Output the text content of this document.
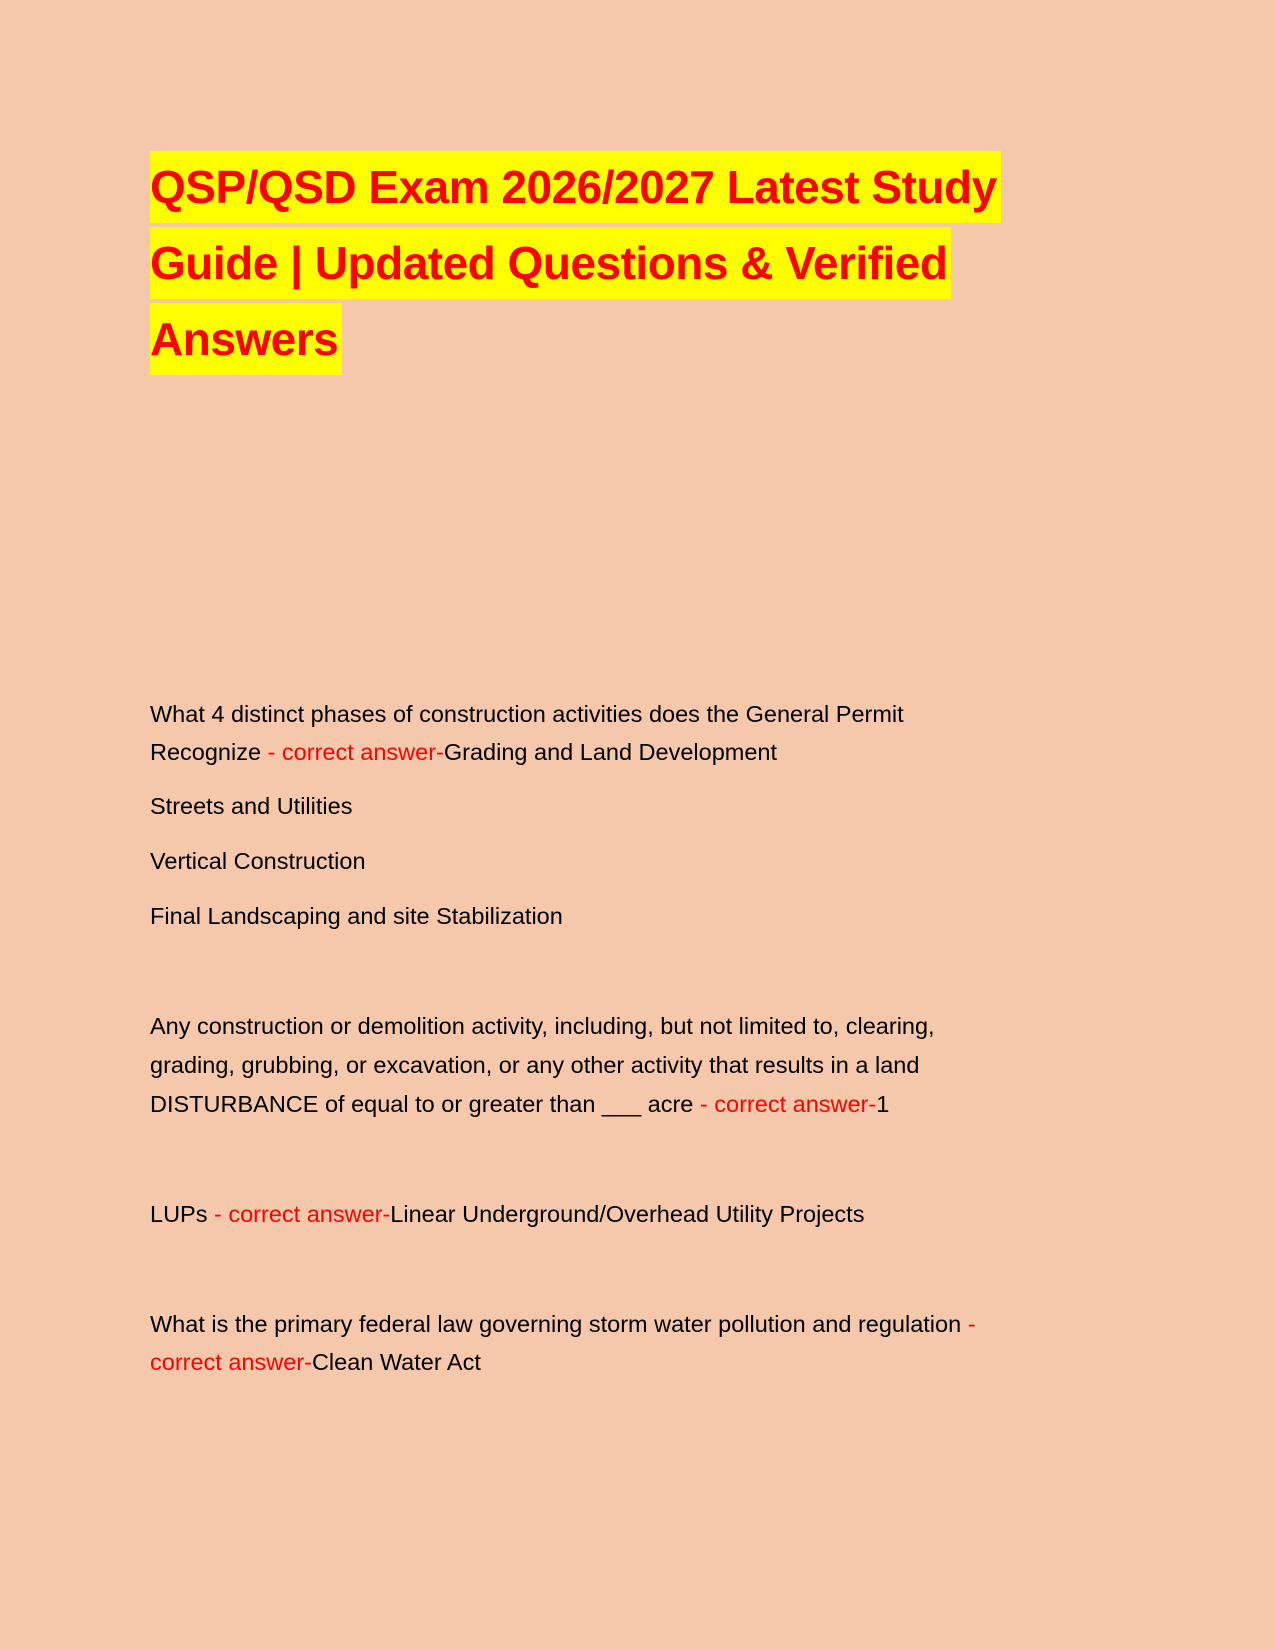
QSP/QSD Exam 2026/2027 Latest Study
Guide | Updated Questions & Verified
Answers
What 4 distinct phases of construction activities does the General Permit
Recognize - correct answer-Grading and Land Development
Streets and Utilities
Vertical Construction
Final Landscaping and site Stabilization
Any construction or demolition activity, including, but not limited to, clearing,
grading, grubbing, or excavation, or any other activity that results in a land
DISTURBANCE of equal to or greater than ___ acre - correct answer-1
LUPs - correct answer-Linear Underground/Overhead Utility Projects
What is the primary federal law governing storm water pollution and regulation -
correct answer-Clean Water Act
